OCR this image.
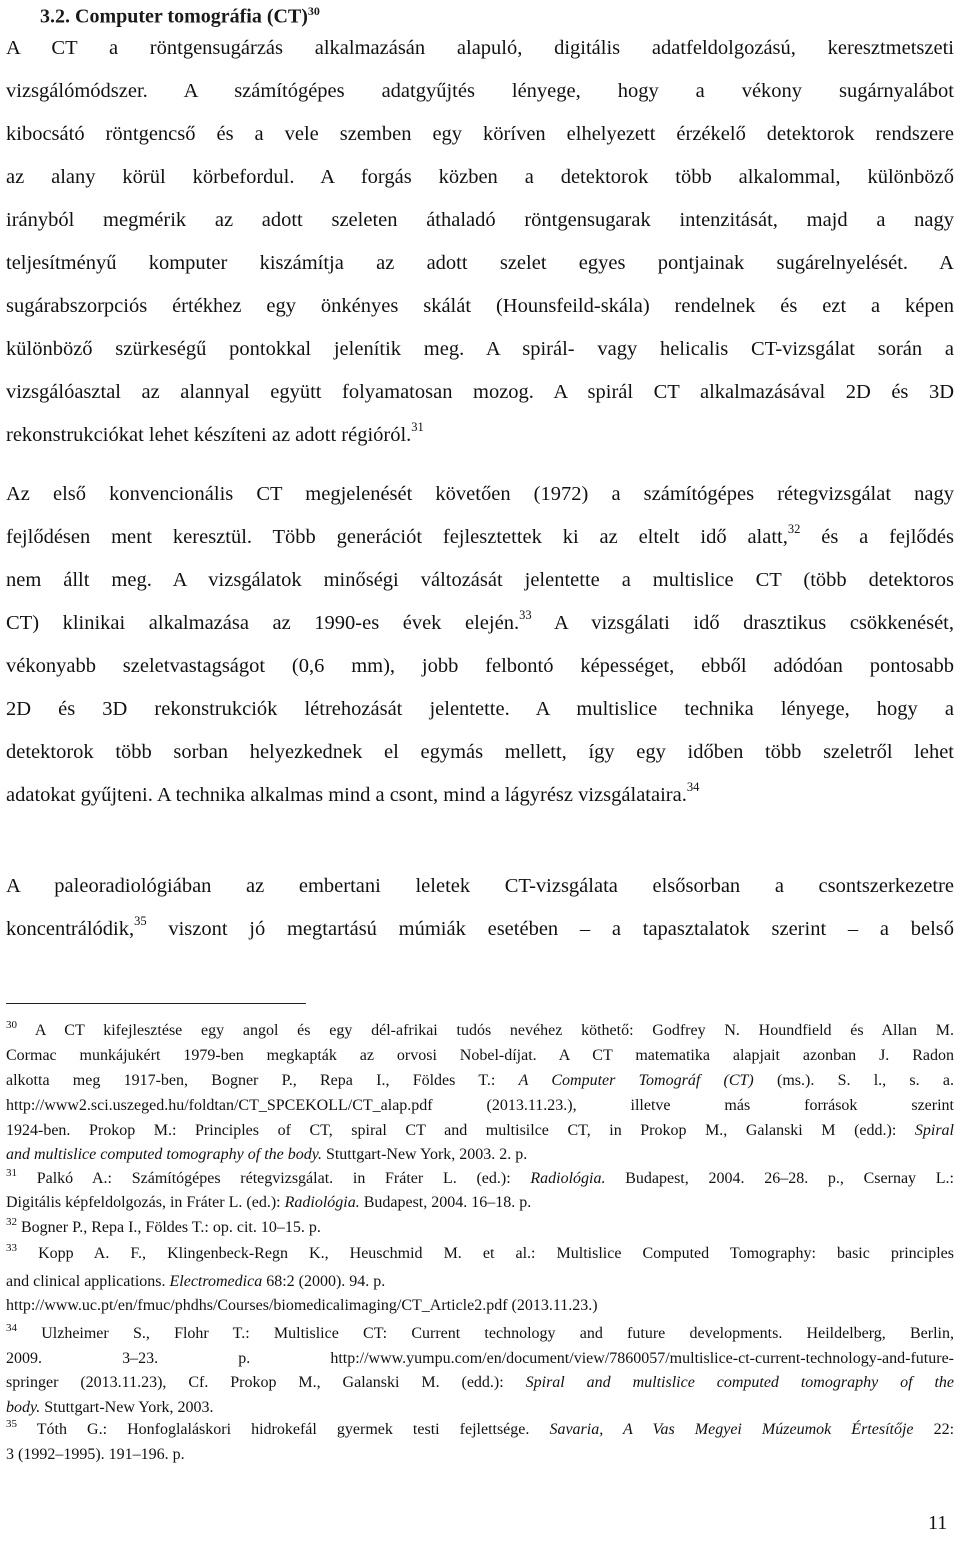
3.2. Computer tomográfia (CT)$^{30}$
A CT a röntgensugárzás alkalmazásán alapuló, digitális adatfeldolgozású, keresztmetszeti
vizsgálómódszer. A számítógépes adatgyűjtés lényege, hogy a vékony sugárnyalábot
kibocsátó röntgencső és a vele szemben egy köríven elhelyezett érzékelő detektorok rendszere
az alany körül körbefordul. A forgás közben a detektorok több alkalommal, különböző
irányból megmérik az adott szeleten áthaladó röntgensugarak intenzitását, majd a nagy
teljesítményű komputer kiszámítja az adott szelet egyes pontjainak sugárelnyelését. A
sugárabszorpciós értékhez egy önkényes skálát (Hounsfeild-skála) rendelnek és ezt a képen
különböző szürkeségű pontokkal jelenítik meg. A spirál- vagy helicalis CT-vizsgálat során a
vizsgálóasztal az alannyal együtt folyamatosan mozog. A spirál CT alkalmazásával 2D és 3D
rekonstrukciókat lehet készíteni az adott régióról.$^{31}$
Az első konvencionális CT megjelenését követően (1972) a számítógépes rétegvizsgálat nagy
fejlődésen ment keresztül. Több generációt fejlesztettek ki az eltelt idő alatt,$^{32}$ és a fejlődés
nem állt meg. A vizsgálatok minőségi változását jelentette a multislice CT (több detektoros
CT) klinikai alkalmazása az 1990-es évek elején.$^{33}$ A vizsgálati idő drasztikus csökkenését,
vékonyabb szeletvastagságot (0,6 mm), jobb felbontó képességet, ebből adódóan pontosabb
2D és 3D rekonstrukciók létrehozását jelentette. A multislice technika lényege, hogy a
detektorok több sorban helyezkednek el egymás mellett, így egy időben több szeletről lehet
adatokat gyűjteni. A technika alkalmas mind a csont, mind a lágyrész vizsgálataira.$^{34}$
A paleoradiológiában az embertani leletek CT-vizsgálata elsősorban a csontszerkezetre
koncentrálódik,$^{35}$ viszont jó megtartású múmiák esetében – a tapasztalatok szerint – a belső
$^{30}$ A CT kifejlesztése egy angol és egy dél-afrikai tudós nevéhez köthető: Godfrey N. Houndfield és Allan M.
Cormac munkájukért 1979-ben megkapták az orvosi Nobel-díjat. A CT matematika alapjait azonban J. Radon
alkotta meg 1917-ben, Bogner P., Repa I., Földes T.: A Computer Tomográf (CT) (ms.). S. l., s. a.
http://www2.sci.uszeged.hu/foldtan/CT_SPCEKOLL/CT_alap.pdf (2013.11.23.), illetve más források szerint
1924-ben. Prokop M.: Principles of CT, spiral CT and multisilce CT, in Prokop M., Galanski M (edd.): Spiral
and multislice computed tomography of the body. Stuttgart-New York, 2003. 2. p.
$^{31}$ Palkó A.: Számítógépes rétegvizsgálat. in Fráter L. (ed.): Radiológia. Budapest, 2004. 26–28. p., Csernay L.:
Digitális képfeldolgozás, in Fráter L. (ed.): Radiológia. Budapest, 2004. 16–18. p.
$^{32}$ Bogner P., Repa I., Földes T.: op. cit. 10–15. p.
$^{33}$ Kopp A. F., Klingenbeck-Regn K., Heuschmid M. et al.: Multislice Computed Tomography: basic principles
and clinical applications. Electromedica 68:2 (2000). 94. p.
http://www.uc.pt/en/fmuc/phdhs/Courses/biomedicalimaging/CT_Article2.pdf (2013.11.23.)
$^{34}$ Ulzheimer S., Flohr T.: Multislice CT: Current technology and future developments. Heildelberg, Berlin,
2009. 3–23. p. http://www.yumpu.com/en/document/view/7860057/multislice-ct-current-technology-and-future-
springer (2013.11.23), Cf. Prokop M., Galanski M. (edd.): Spiral and multislice computed tomography of the
body. Stuttgart-New York, 2003.
$^{35}$ Tóth G.: Honfoglaláskori hidrokefál gyermek testi fejlettsége. Savaria, A Vas Megyei Múzeumok Értesítője 22:
3 (1992–1995). 191–196. p.
11
